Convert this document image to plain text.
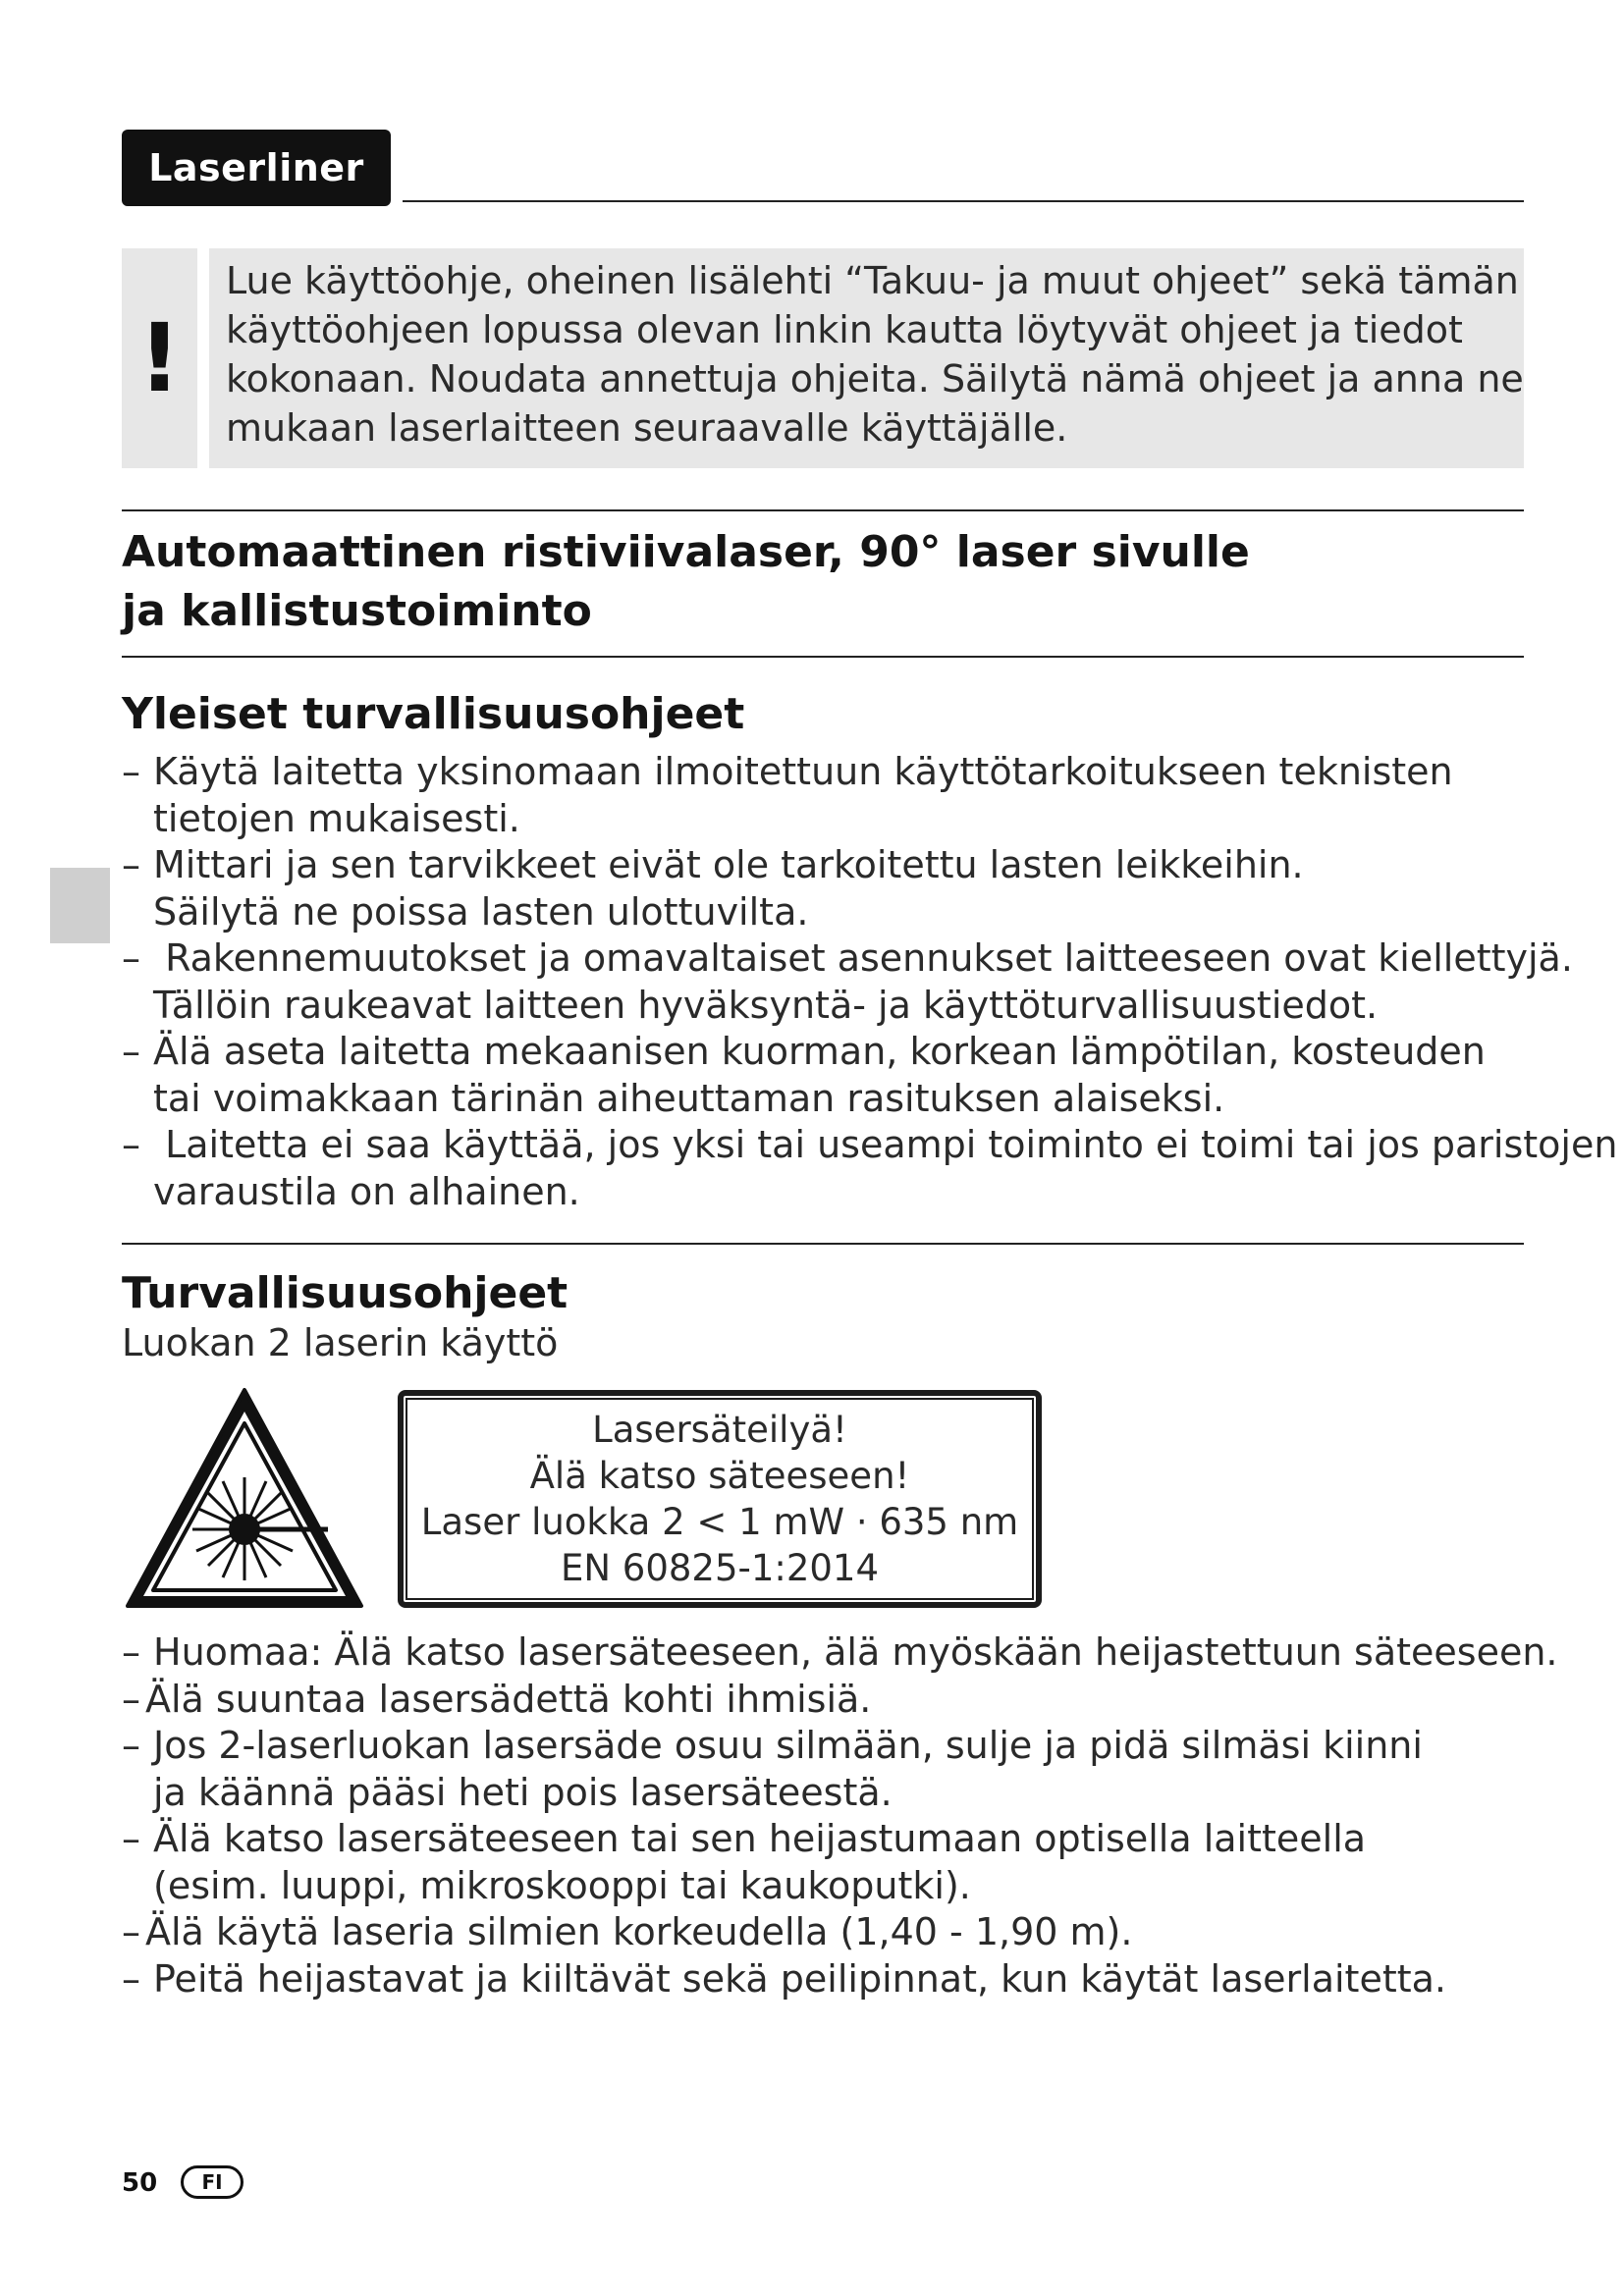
Laserliner
!
Lue käyttöohje, oheinen lisälehti “Takuu- ja muut ohjeet” sekä tämän
käyttöohjeen lopussa olevan linkin kautta löytyvät ohjeet ja tiedot
kokonaan. Noudata annettuja ohjeita. Säilytä nämä ohjeet ja anna ne
mukaan laserlaitteen seuraavalle käyttäjälle.
Automaattinen ristiviivalaser, 90° laser sivulle
ja kallistustoiminto
Yleiset turvallisuusohjeet
– Käytä laitetta yksinomaan ilmoitettuun käyttötarkoitukseen teknisten
tietojen mukaisesti.
– Mittari ja sen tarvikkeet eivät ole tarkoitettu lasten leikkeihin.
Säilytä ne poissa lasten ulottuvilta.
– Rakennemuutokset ja omavaltaiset asennukset laitteeseen ovat kiellettyjä.
Tällöin raukeavat laitteen hyväksyntä- ja käyttöturvallisuustiedot.
– Älä aseta laitetta mekaanisen kuorman, korkean lämpötilan, kosteuden
tai voimakkaan tärinän aiheuttaman rasituksen alaiseksi.
– Laitetta ei saa käyttää, jos yksi tai useampi toiminto ei toimi tai jos paristojen
varaustila on alhainen.
Turvallisuusohjeet
Luokan 2 laserin käyttö
Lasersäteilyä!
Älä katso säteeseen!
Laser luokka 2 < 1 mW · 635 nm
EN 60825-1:2014
– Huomaa: Älä katso lasersäteeseen, älä myöskään heijastettuun säteeseen.
– Älä suuntaa lasersädettä kohti ihmisiä.
– Jos 2-laserluokan lasersäde osuu silmään, sulje ja pidä silmäsi kiinni
ja käännä pääsi heti pois lasersäteestä.
– Älä katso lasersäteeseen tai sen heijastumaan optisella laitteella
(esim. luuppi, mikroskooppi tai kaukoputki).
– Älä käytä laseria silmien korkeudella (1,40 - 1,90 m).
– Peitä heijastavat ja kiiltävät sekä peilipinnat, kun käytät laserlaitetta.
50 FI
